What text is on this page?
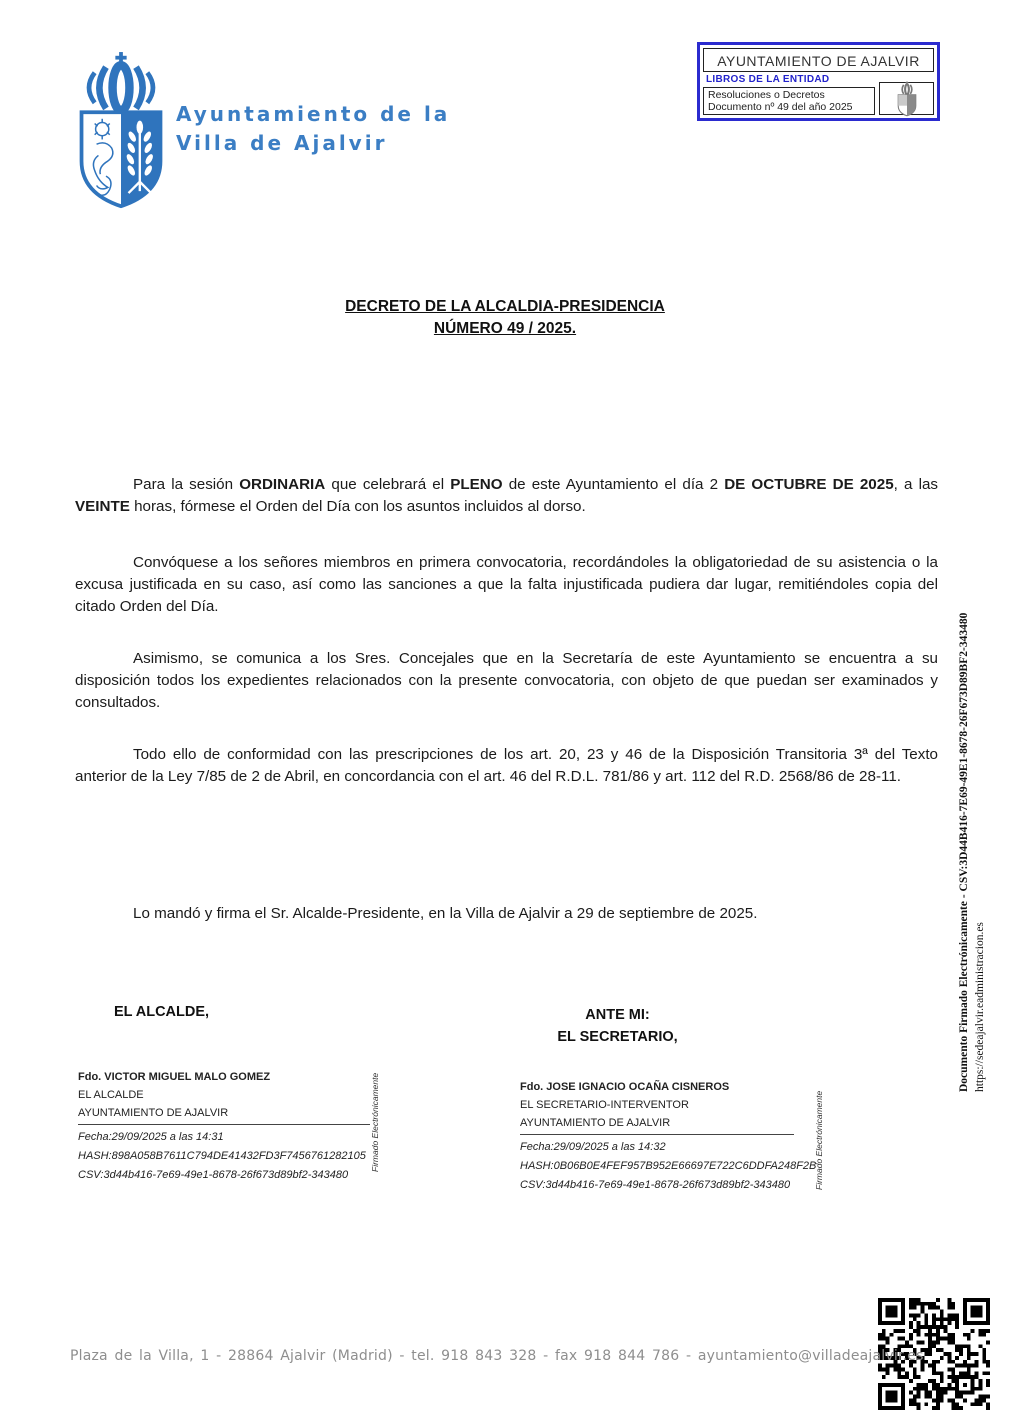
Ayuntamiento de la
Villa de Ajalvir
AYUNTAMIENTO DE AJALVIR
LIBROS DE LA ENTIDAD
Resoluciones o Decretos
Documento nº 49 del año 2025
DECRETO DE LA ALCALDIA-PRESIDENCIA
NÚMERO 49 / 2025.
Para la sesión ORDINARIA que celebrará el PLENO de este Ayuntamiento el día 2 DE OCTUBRE DE 2025, a las VEINTE horas, fórmese el Orden del Día con los asuntos incluidos al dorso.
Convóquese a los señores miembros en primera convocatoria, recordándoles la obligatoriedad de su asistencia o la excusa justificada en su caso, así como las sanciones a que la falta injustificada pudiera dar lugar, remitiéndoles copia del citado Orden del Día.
Asimismo, se comunica a los Sres. Concejales que en la Secretaría de este Ayuntamiento se encuentra a su disposición todos los expedientes relacionados con la presente convocatoria, con objeto de que puedan ser examinados y consultados.
Todo ello de conformidad con las prescripciones de los art. 20, 23 y 46 de la Disposición Transitoria 3ª del Texto anterior de la Ley 7/85 de 2 de Abril, en concordancia con el art. 46 del R.D.L. 781/86 y art. 112 del R.D. 2568/86 de 28-11.
Lo mandó y firma el Sr. Alcalde-Presidente, en la Villa de Ajalvir a 29 de septiembre de 2025.
EL ALCALDE,	ANTE MI:
EL SECRETARIO,
Fdo. VICTOR MIGUEL MALO GOMEZ
EL ALCALDE
AYUNTAMIENTO DE AJALVIR
Fecha:29/09/2025 a las 14:31
HASH:898A058B7611C794DE41432FD3F7456761282105
CSV:3d44b416-7e69-49e1-8678-26f673d89bf2-343480
Firmado Electrónicamente	Fdo. JOSE IGNACIO OCAÑA CISNEROS
EL SECRETARIO-INTERVENTOR
AYUNTAMIENTO DE AJALVIR
Fecha:29/09/2025 a las 14:32
HASH:0B06B0E4FEF957B952E66697E722C6DDFA248F2B
CSV:3d44b416-7e69-49e1-8678-26f673d89bf2-343480	Firmado Electrónicamente
Documento Firmado Electrónicamente - CSV:3D44B416-7E69-49E1-8678-26F673D89BF2-343480 https://sedeajalvir.eadministracion.es
Plaza de la Villa, 1 - 28864 Ajalvir (Madrid) - tel. 918 843 328 - fax 918 844 786 - ayuntamiento@villadeajalvir.es
